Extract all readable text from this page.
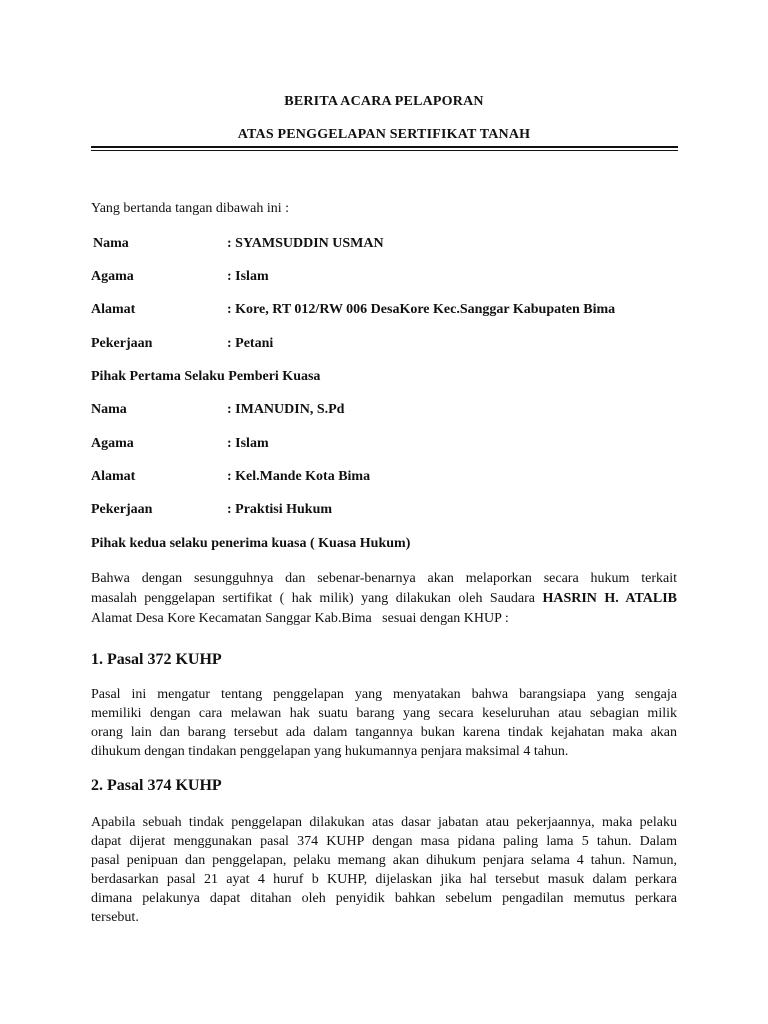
BERITA ACARA PELAPORAN
ATAS PENGGELAPAN SERTIFIKAT TANAH
Yang bertanda tangan dibawah ini :
Nama	: SYAMSUDDIN USMAN
Agama	: Islam
Alamat	: Kore, RT 012/RW 006 DesaKore Kec.Sanggar Kabupaten Bima
Pekerjaan	: Petani
Pihak Pertama Selaku Pemberi Kuasa
Nama	: IMANUDIN, S.Pd
Agama	: Islam
Alamat	: Kel.Mande Kota Bima
Pekerjaan	: Praktisi Hukum
Pihak kedua selaku penerima kuasa ( Kuasa Hukum)
Bahwa dengan sesungguhnya dan sebenar-benarnya akan melaporkan secara hukum terkait
masalah penggelapan sertifikat ( hak milik) yang dilakukan oleh Saudara HASRIN H. ATALIB
Alamat Desa Kore Kecamatan Sanggar Kab.Bima   sesuai dengan KHUP :
1. Pasal 372 KUHP
Pasal ini mengatur tentang penggelapan yang menyatakan bahwa barangsiapa yang sengaja
memiliki dengan cara melawan hak suatu barang yang secara keseluruhan atau sebagian milik
orang lain dan barang tersebut ada dalam tangannya bukan karena tindak kejahatan maka akan
dihukum dengan tindakan penggelapan yang hukumannya penjara maksimal 4 tahun.
2. Pasal 374 KUHP
Apabila sebuah tindak penggelapan dilakukan atas dasar jabatan atau pekerjaannya, maka pelaku
dapat dijerat menggunakan pasal 374 KUHP dengan masa pidana paling lama 5 tahun. Dalam
pasal penipuan dan penggelapan, pelaku memang akan dihukum penjara selama 4 tahun. Namun,
berdasarkan pasal 21 ayat 4 huruf b KUHP, dijelaskan jika hal tersebut masuk dalam perkara
dimana pelakunya dapat ditahan oleh penyidik bahkan sebelum pengadilan memutus perkara
tersebut.
